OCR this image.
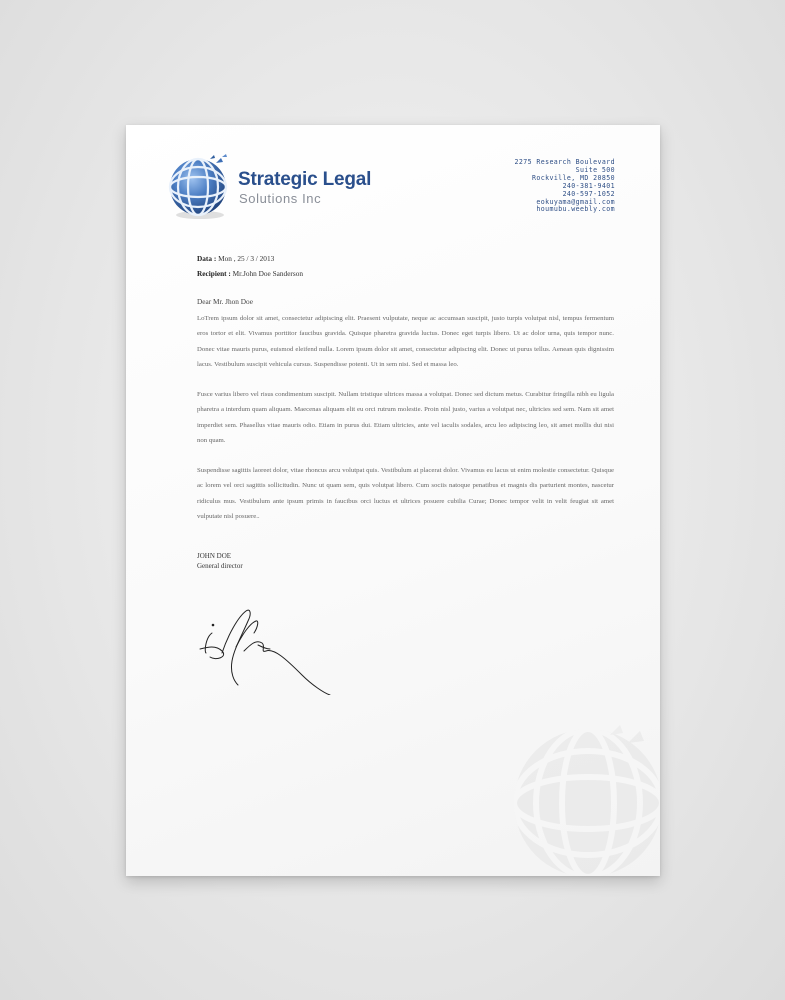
Strategic Legal
Solutions Inc
2275 Research Boulevard
Suite 500
Rockville, MD 20850
240-381-9401
240-597-1052
eokuyama@gmail.com
houmubu.weebly.com
Data : Mon , 25 / 3 / 2013
Recipient : Mr.John Doe Sanderson
Dear Mr. Jhon Doe
LoTrem ipsum dolor sit amet, consectetur adipiscing elit. Praesent vulputate, neque ac accumsan suscipit, justo turpis volutpat nisl, tempus fermentum eros tortor et elit. Vivamus porttitor faucibus gravida. Quisque pharetra gravida luctus. Donec eget turpis libero. Ut ac dolor urna, quis tempor nunc. Donec vitae mauris purus, euismod eleifend nulla. Lorem ipsum dolor sit amet, consectetur adipiscing elit. Donec ut purus tellus. Aenean quis dignissim lacus. Vestibulum suscipit vehicula cursus. Suspendisse potenti. Ut in sem nisi. Sed et massa leo.
Fusce varius libero vel risus condimentum suscipit. Nullam tristique ultrices massa a volutpat. Donec sed dictum metus. Curabitur fringilla nibh eu ligula pharetra a interdum quam aliquam. Maecenas aliquam elit eu orci rutrum molestie. Proin nisl justo, varius a volutpat nec, ultricies sed sem. Nam sit amet imperdiet sem. Phasellus vitae mauris odio. Etiam in purus dui. Etiam ultricies, ante vel iaculis sodales, arcu leo adipiscing leo, sit amet mollis dui nisi non quam.
Suspendisse sagittis laoreet dolor, vitae rhoncus arcu volutpat quis. Vestibulum at placerat dolor. Vivamus eu lacus ut enim molestie consectetur. Quisque ac lorem vel orci sagittis sollicitudin. Nunc ut quam sem, quis volutpat libero. Cum sociis natoque penatibus et magnis dis parturient montes, nascetur ridiculus mus. Vestibulum ante ipsum primis in faucibus orci luctus et ultrices posuere cubilia Curae; Donec tempor velit in velit feugiat sit amet vulputate nisl posuere..
JOHN DOE
General director
